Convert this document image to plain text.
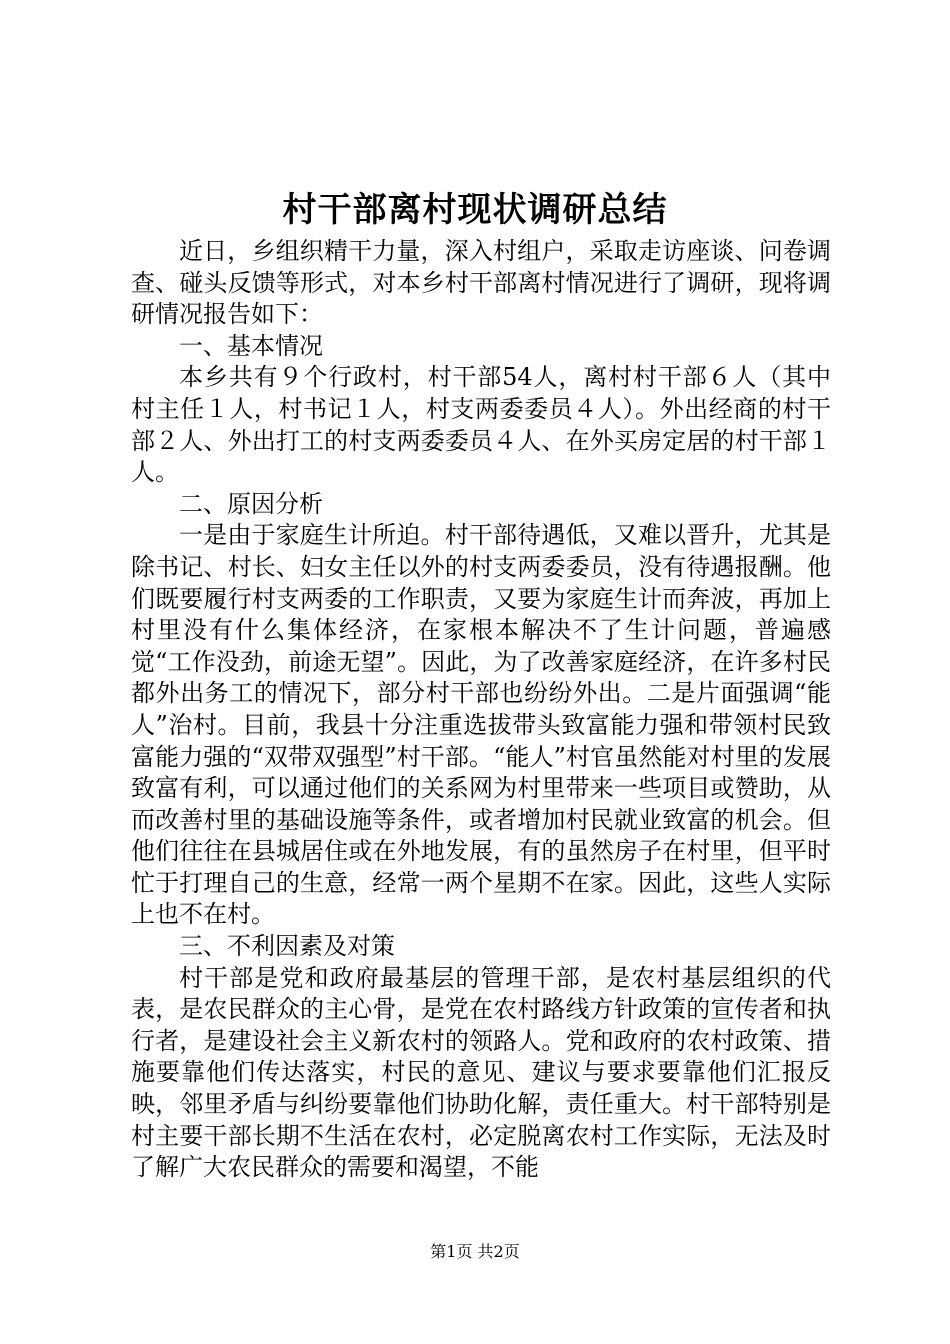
村干部离村现状调研总结

近日，乡组织精干力量，深入村组户，采取走访座谈、问卷调查、碰头反馈等形式，对本乡村干部离村情况进行了调研，现将调研情况报告如下：

一、基本情况

本乡共有９个行政村，村干部54人，离村村干部６人（其中村主任１人，村书记１人，村支两委委员４人）。外出经商的村干部２人、外出打工的村支两委委员４人、在外买房定居的村干部１人。

二、原因分析

一是由于家庭生计所迫。村干部待遇低，又难以晋升，尤其是除书记、村长、妇女主任以外的村支两委委员，没有待遇报酬。他们既要履行村支两委的工作职责，又要为家庭生计而奔波，再加上村里没有什么集体经济，在家根本解决不了生计问题，普遍感觉“工作没劲，前途无望”。因此，为了改善家庭经济，在许多村民都外出务工的情况下，部分村干部也纷纷外出。二是片面强调“能人”治村。目前，我县十分注重选拔带头致富能力强和带领村民致富能力强的“双带双强型”村干部。“能人”村官虽然能对村里的发展致富有利，可以通过他们的关系网为村里带来一些项目或赞助，从而改善村里的基础设施等条件，或者增加村民就业致富的机会。但他们往往在县城居住或在外地发展，有的虽然房子在村里，但平时忙于打理自己的生意，经常一两个星期不在家。因此，这些人实际上也不在村。

三、不利因素及对策

村干部是党和政府最基层的管理干部，是农村基层组织的代表，是农民群众的主心骨，是党在农村路线方针政策的宣传者和执行者，是建设社会主义新农村的领路人。党和政府的农村政策、措施要靠他们传达落实，村民的意见、建议与要求要靠他们汇报反映，邻里矛盾与纠纷要靠他们协助化解，责任重大。村干部特别是村主要干部长期不生活在农村，必定脱离农村工作实际，无法及时了解广大农民群众的需要和渴望，不能

第1页 共2页
